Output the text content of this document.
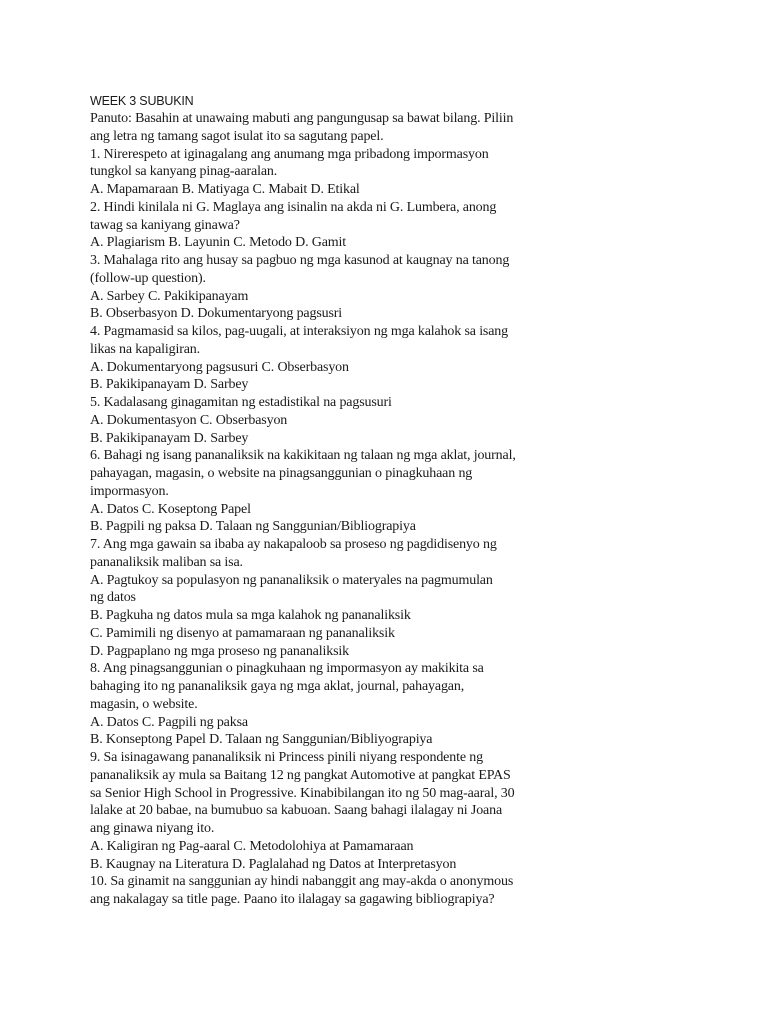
WEEK 3 SUBUKIN

Panuto: Basahin at unawaing mabuti ang pangungusap sa bawat bilang. Piliin

ang letra ng tamang sagot isulat ito sa sagutang papel.

1. Nirerespeto at iginagalang ang anumang mga pribadong impormasyon

tungkol sa kanyang pinag-aaralan.

A. Mapamaraan B. Matiyaga C. Mabait D. Etikal

2. Hindi kinilala ni G. Maglaya ang isinalin na akda ni G. Lumbera, anong

tawag sa kaniyang ginawa?

A. Plagiarism B. Layunin C. Metodo D. Gamit

3. Mahalaga rito ang husay sa pagbuo ng mga kasunod at kaugnay na tanong

(follow-up question).

A. Sarbey C. Pakikipanayam

B. Obserbasyon D. Dokumentaryong pagsusri

4. Pagmamasid sa kilos, pag-uugali, at interaksiyon ng mga kalahok sa isang

likas na kapaligiran.

A. Dokumentaryong pagsusuri C. Obserbasyon

B. Pakikipanayam D. Sarbey

5. Kadalasang ginagamitan ng estadistikal na pagsusuri

A. Dokumentasyon C. Obserbasyon

B. Pakikipanayam D. Sarbey

6. Bahagi ng isang pananaliksik na kakikitaan ng talaan ng mga aklat, journal,

pahayagan, magasin, o website na pinagsanggunian o pinagkuhaan ng

impormasyon.

A. Datos C. Koseptong Papel

B. Pagpili ng paksa D. Talaan ng Sanggunian/Bibliograpiya

7. Ang mga gawain sa ibaba ay nakapaloob sa proseso ng pagdidisenyo ng

pananaliksik maliban sa isa.

A. Pagtukoy sa populasyon ng pananaliksik o materyales na pagmumulan

ng datos

B. Pagkuha ng datos mula sa mga kalahok ng pananaliksik

C. Pamimili ng disenyo at pamamaraan ng pananaliksik

D. Pagpaplano ng mga proseso ng pananaliksik

8. Ang pinagsanggunian o pinagkuhaan ng impormasyon ay makikita sa

bahaging ito ng pananaliksik gaya ng mga aklat, journal, pahayagan,

magasin, o website.

A. Datos C. Pagpili ng paksa

B. Konseptong Papel D. Talaan ng Sanggunian/Bibliyograpiya

9. Sa isinagawang pananaliksik ni Princess pinili niyang respondente ng

pananaliksik ay mula sa Baitang 12 ng pangkat Automotive at pangkat EPAS

sa Senior High School in Progressive. Kinabibilangan ito ng 50 mag-aaral, 30

lalake at 20 babae, na bumubuo sa kabuoan. Saang bahagi ilalagay ni Joana

ang ginawa niyang ito.

A. Kaligiran ng Pag-aaral C. Metodolohiya at Pamamaraan

B. Kaugnay na Literatura D. Paglalahad ng Datos at Interpretasyon

10. Sa ginamit na sanggunian ay hindi nabanggit ang may-akda o anonymous

ang nakalagay sa title page. Paano ito ilalagay sa gagawing bibliograpiya?
